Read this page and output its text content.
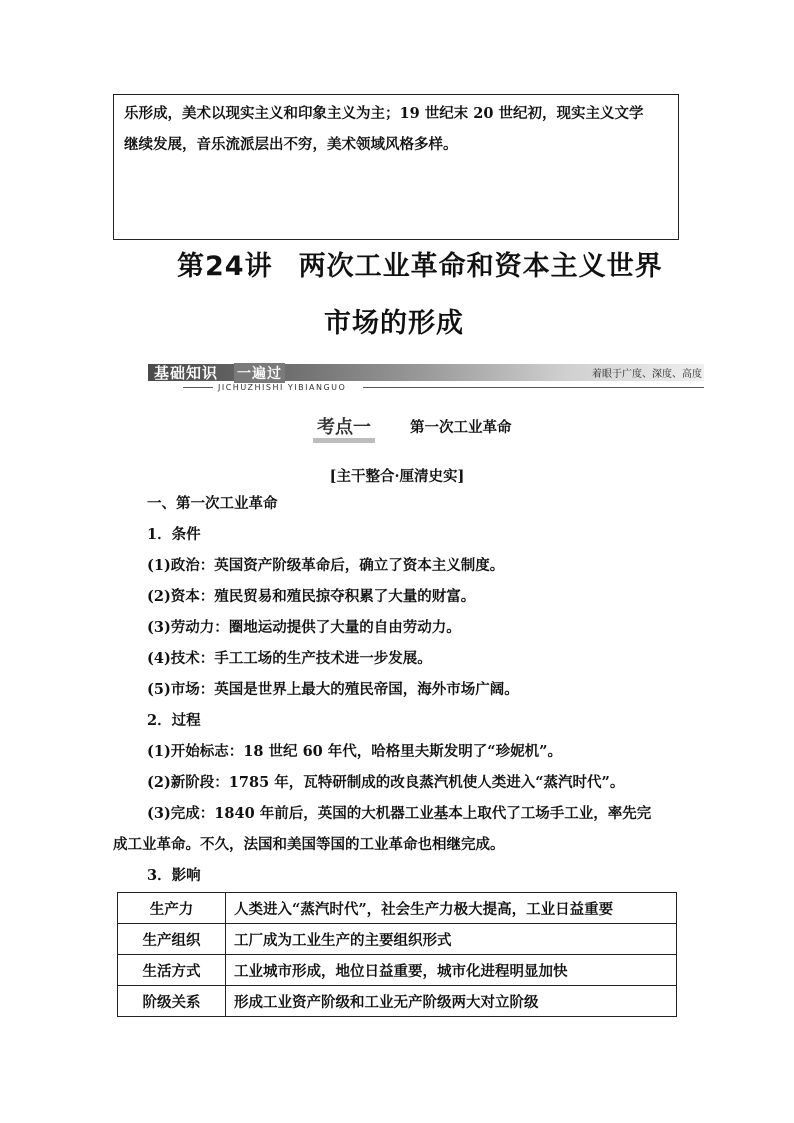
乐形成，美术以现实主义和印象主义为主；19 世纪末 20 世纪初，现实主义文学
继续发展，音乐流派层出不穷，美术领域风格多样。
第24讲 两次工业革命和资本主义世界
市场的形成
基础知识 一遍过	着眼于广度、深度、高度
JICHUZHISHI YIBIANGUO
考点一	第一次工业革命
[主干整合·厘清史实]
一、第一次工业革命
1．条件
(1)政治：英国资产阶级革命后，确立了资本主义制度。
(2)资本：殖民贸易和殖民掠夺积累了大量的财富。
(3)劳动力：圈地运动提供了大量的自由劳动力。
(4)技术：手工工场的生产技术进一步发展。
(5)市场：英国是世界上最大的殖民帝国，海外市场广阔。
2．过程
(1)开始标志：18 世纪 60 年代，哈格里夫斯发明了“珍妮机”。
(2)新阶段：1785 年，瓦特研制成的改良蒸汽机使人类进入“蒸汽时代”。
(3)完成：1840 年前后，英国的大机器工业基本上取代了工场手工业，率先完
成工业革命。不久，法国和美国等国的工业革命也相继完成。
3．影响
生产力	人类进入“蒸汽时代”，社会生产力极大提高，工业日益重要
生产组织	工厂成为工业生产的主要组织形式
生活方式	工业城市形成，地位日益重要，城市化进程明显加快
阶级关系	形成工业资产阶级和工业无产阶级两大对立阶级
